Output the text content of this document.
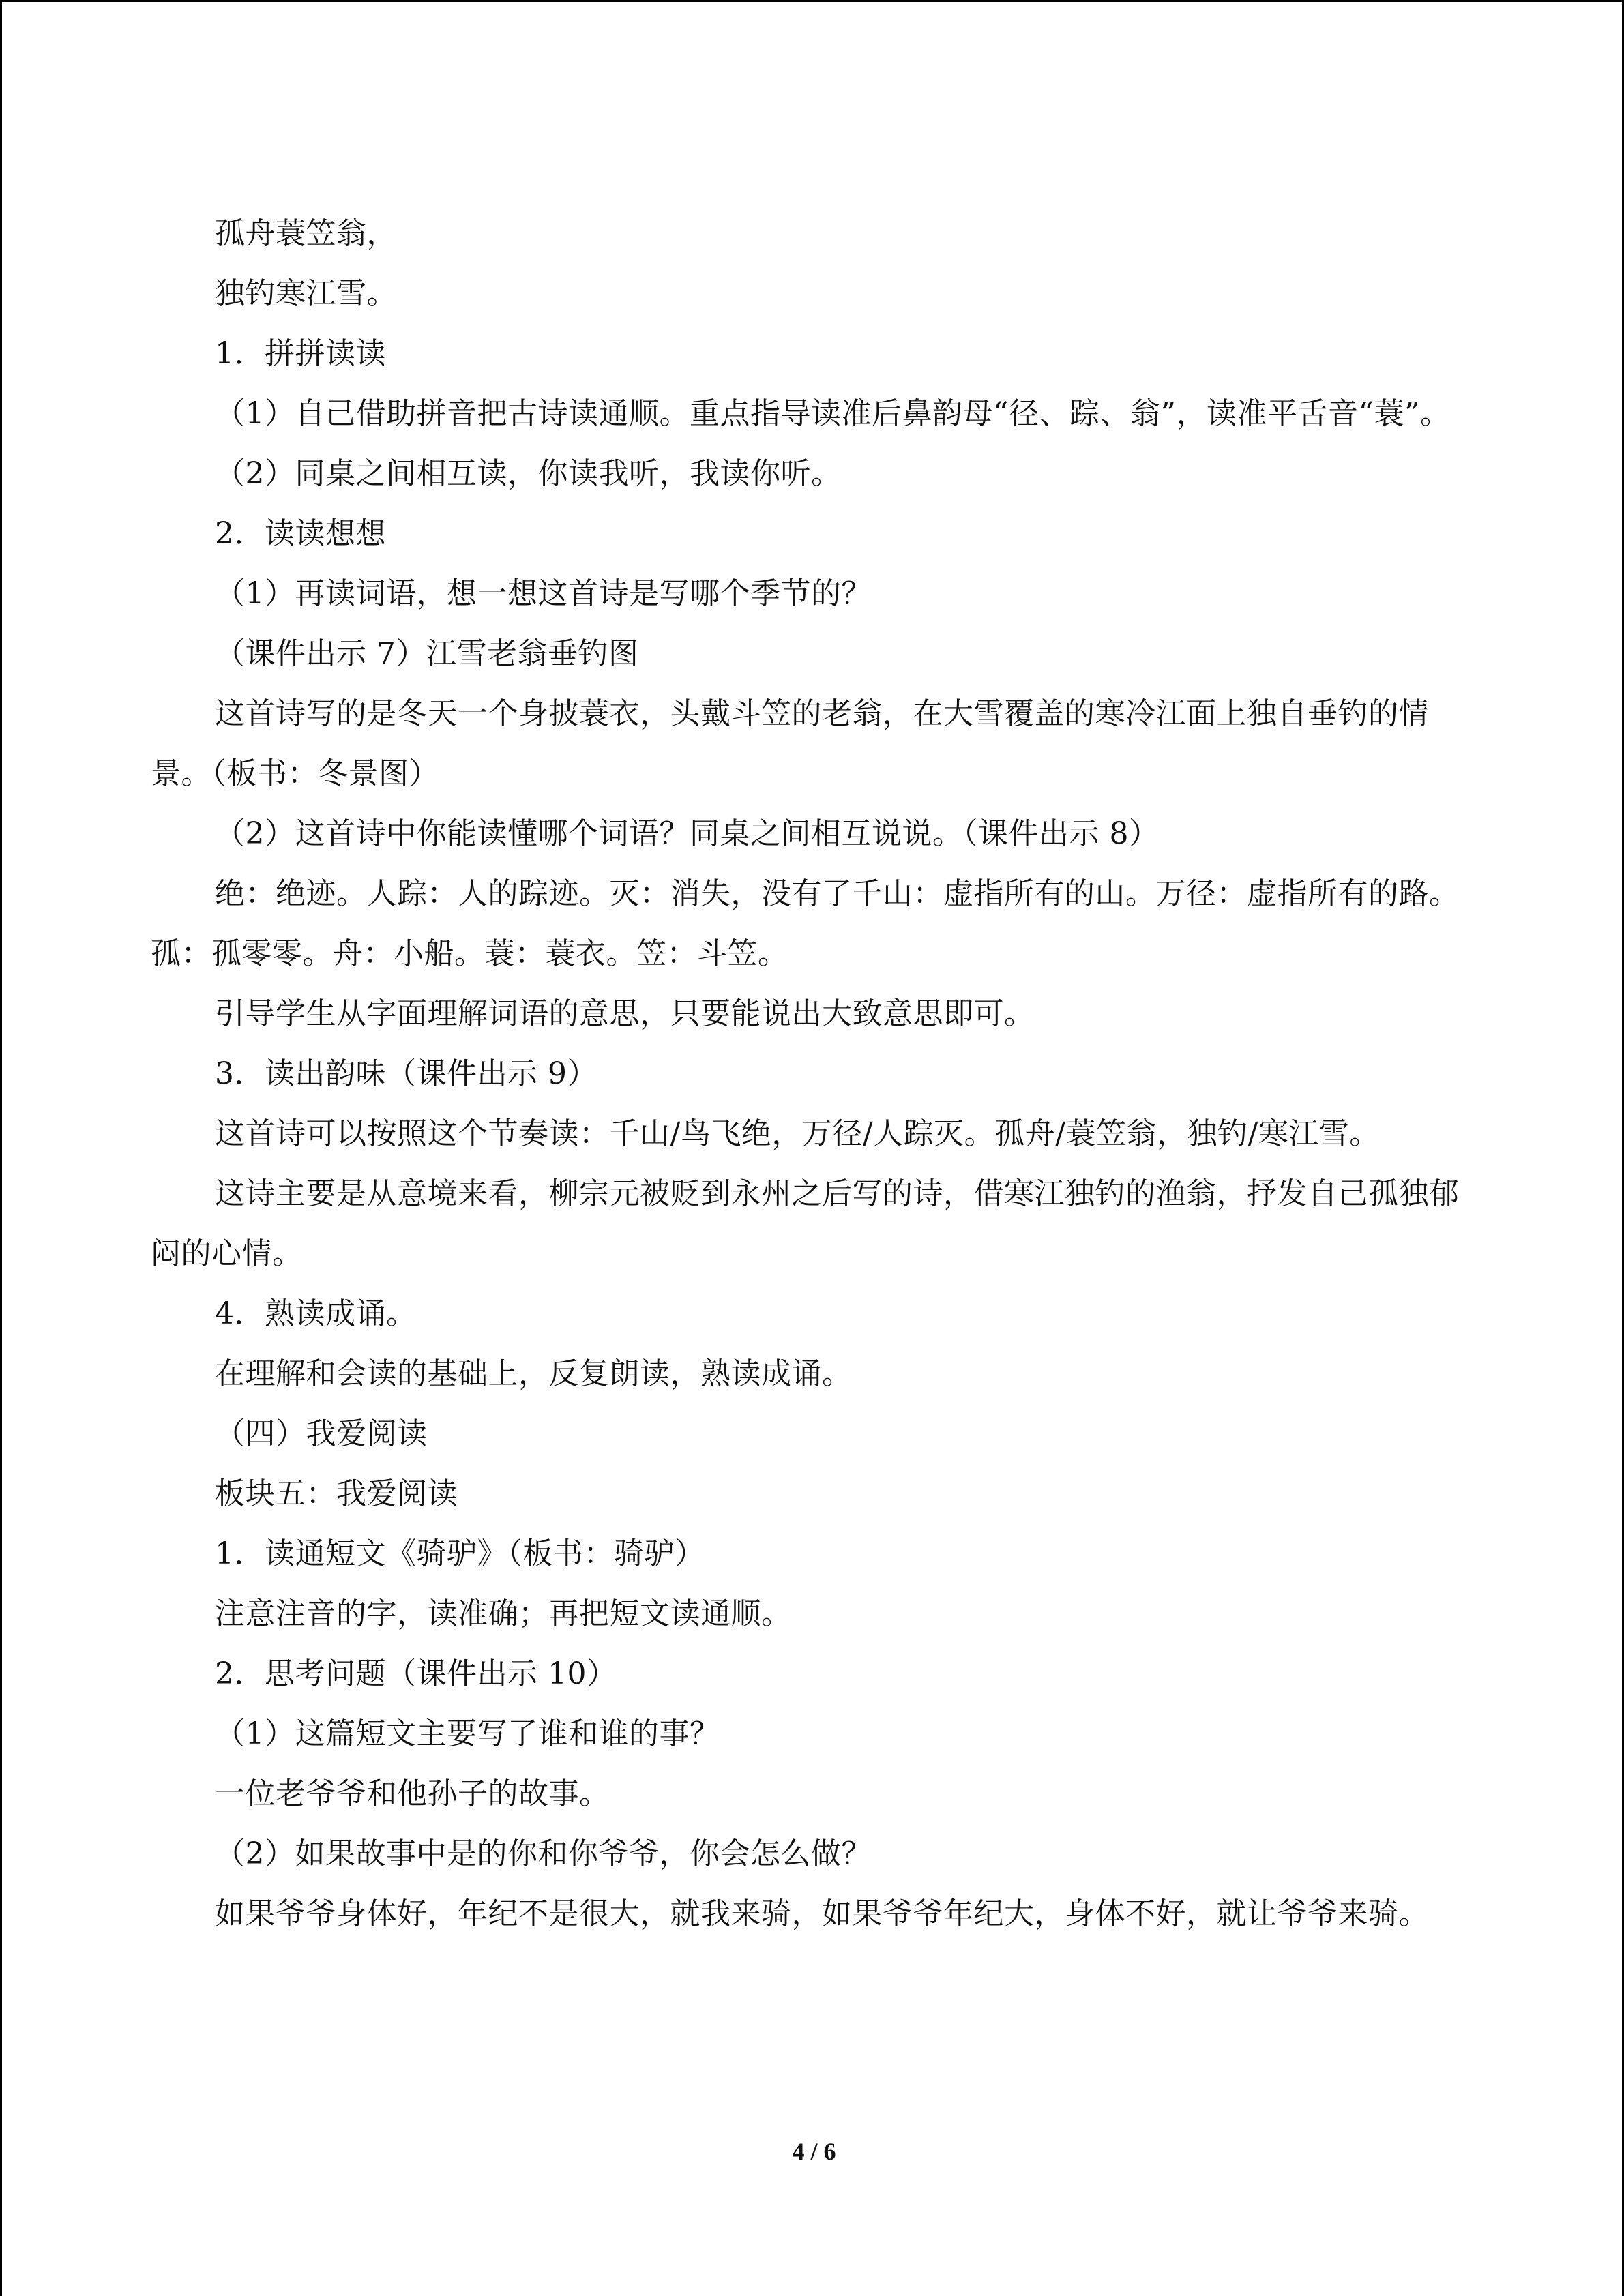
孤舟蓑笠翁，

独钓寒江雪。

1．拼拼读读

（1）自己借助拼音把古诗读通顺。重点指导读准后鼻韵母“径、踪、翁”，读准平舌音“蓑”。

（2）同桌之间相互读，你读我听，我读你听。

2．读读想想

（1）再读词语，想一想这首诗是写哪个季节的？

（课件出示 7）江雪老翁垂钓图

这首诗写的是冬天一个身披蓑衣，头戴斗笠的老翁，在大雪覆盖的寒冷江面上独自垂钓的情景。（板书：冬景图）

（2）这首诗中你能读懂哪个词语？同桌之间相互说说。（课件出示 8）

绝：绝迹。人踪：人的踪迹。灭：消失，没有了千山：虚指所有的山。万径：虚指所有的路。孤：孤零零。舟：小船。蓑：蓑衣。笠：斗笠。

引导学生从字面理解词语的意思，只要能说出大致意思即可。

3．读出韵味（课件出示 9）

这首诗可以按照这个节奏读：千山/鸟飞绝，万径/人踪灭。孤舟/蓑笠翁，独钓/寒江雪。

这诗主要是从意境来看，柳宗元被贬到永州之后写的诗，借寒江独钓的渔翁，抒发自己孤独郁闷的心情。

4．熟读成诵。

在理解和会读的基础上，反复朗读，熟读成诵。

（四）我爱阅读

板块五：我爱阅读

1．读通短文《骑驴》（板书：骑驴）

注意注音的字，读准确；再把短文读通顺。

2．思考问题（课件出示 10）

（1）这篇短文主要写了谁和谁的事？

一位老爷爷和他孙子的故事。

（2）如果故事中是的你和你爷爷，你会怎么做？

如果爷爷身体好，年纪不是很大，就我来骑，如果爷爷年纪大，身体不好，就让爷爷来骑。

4 / 6
